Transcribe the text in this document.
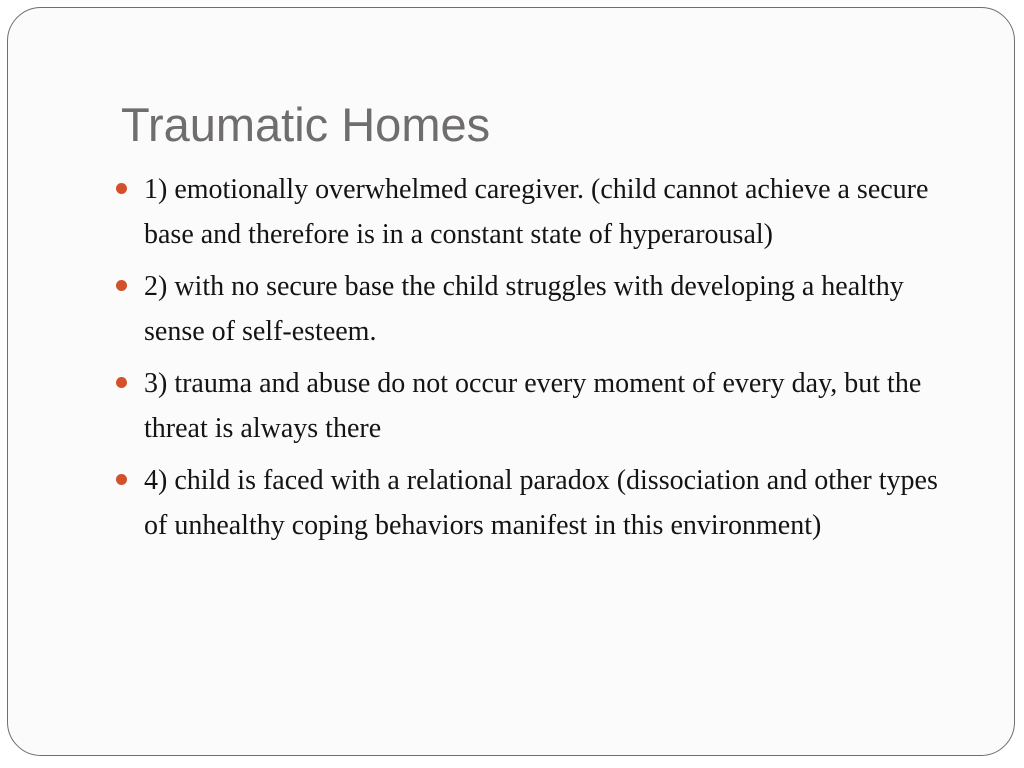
Traumatic Homes
1) emotionally overwhelmed caregiver. (child cannot achieve a secure base and therefore is in a constant state of hyperarousal)
2) with no secure base the child struggles with developing a healthy sense of self-esteem.
3) trauma and abuse do not occur every moment of every day, but the threat is always there
4) child is faced with a relational paradox (dissociation and other types of unhealthy coping behaviors manifest in this environment)
